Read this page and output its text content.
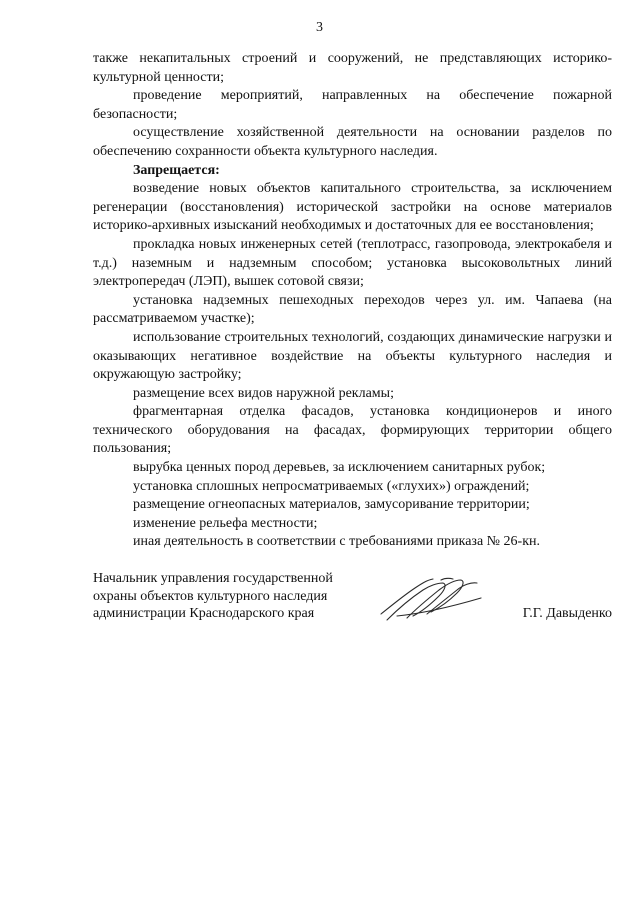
3

также некапитальных строений и сооружений, не представляющих историко-культурной ценности;

проведение мероприятий, направленных на обеспечение пожарной безопасности;

осуществление хозяйственной деятельности на основании разделов по обеспечению сохранности объекта культурного наследия.

Запрещается:

возведение новых объектов капитального строительства, за исключением регенерации (восстановления) исторической застройки на основе материалов историко-архивных изысканий необходимых и достаточных для ее восстановления;

прокладка новых инженерных сетей (теплотрасс, газопровода, электрокабеля и т.д.) наземным и надземным способом; установка высоковольтных линий электропередач (ЛЭП), вышек сотовой связи;

установка надземных пешеходных переходов через ул. им. Чапаева (на рассматриваемом участке);

использование строительных технологий, создающих динамические нагрузки и оказывающих негативное воздействие на объекты культурного наследия и окружающую застройку;

размещение всех видов наружной рекламы;

фрагментарная отделка фасадов, установка кондиционеров и иного технического оборудования на фасадах, формирующих территории общего пользования;

вырубка ценных пород деревьев, за исключением санитарных рубок;

установка сплошных непросматриваемых («глухих») ограждений;

размещение огнеопасных материалов, замусоривание территории;

изменение рельефа местности;

иная деятельность в соответствии с требованиями приказа № 26-кн.

Начальник управления государственной
охраны объектов культурного наследия
администрации Краснодарского края	Г.Г. Давыденко
